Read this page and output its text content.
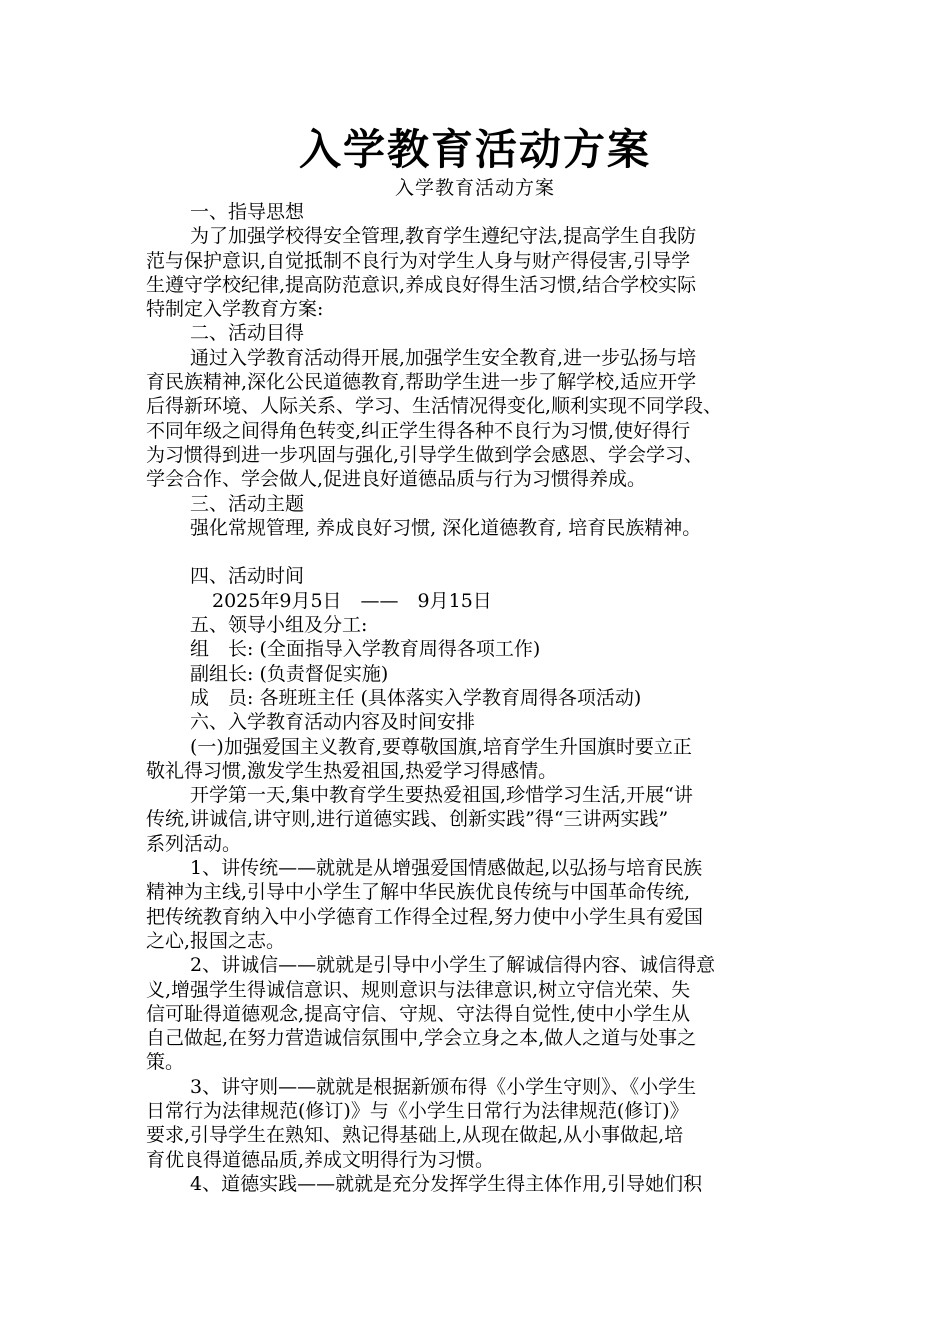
入学教育活动方案
入学教育活动方案
一、指导思想
为了加强学校得安全管理,教育学生遵纪守法,提高学生自我防
范与保护意识,自觉抵制不良行为对学生人身与财产得侵害,引导学
生遵守学校纪律,提高防范意识,养成良好得生活习惯,结合学校实际
特制定入学教育方案:
二、活动目得
通过入学教育活动得开展,加强学生安全教育,进一步弘扬与培
育民族精神,深化公民道德教育,帮助学生进一步了解学校,适应开学
后得新环境、人际关系、学习、生活情况得变化,顺利实现不同学段、
不同年级之间得角色转变,纠正学生得各种不良行为习惯,使好得行
为习惯得到进一步巩固与强化,引导学生做到学会感恩、学会学习、
学会合作、学会做人,促进良好道德品质与行为习惯得养成。
三、活动主题
强化常规管理, 养成良好习惯, 深化道德教育, 培育民族精神。
四、活动时间
2025年9月5日　——　9月15日
五、领导小组及分工:
组　长: (全面指导入学教育周得各项工作)
副组长: (负责督促实施)
成　员: 各班班主任 (具体落实入学教育周得各项活动)
六、入学教育活动内容及时间安排
(一)加强爱国主义教育,要尊敬国旗,培育学生升国旗时要立正
敬礼得习惯,激发学生热爱祖国,热爱学习得感情。
开学第一天,集中教育学生要热爱祖国,珍惜学习生活,开展“讲
传统,讲诚信,讲守则,进行道德实践、创新实践”得“三讲两实践”
系列活动。
1、讲传统——就就是从增强爱国情感做起,以弘扬与培育民族
精神为主线,引导中小学生了解中华民族优良传统与中国革命传统,
把传统教育纳入中小学德育工作得全过程,努力使中小学生具有爱国
之心,报国之志。
2、讲诚信——就就是引导中小学生了解诚信得内容、诚信得意
义,增强学生得诚信意识、规则意识与法律意识,树立守信光荣、失
信可耻得道德观念,提高守信、守规、守法得自觉性,使中小学生从
自己做起,在努力营造诚信氛围中,学会立身之本,做人之道与处事之
策。
3、讲守则——就就是根据新颁布得《小学生守则》、《小学生
日常行为法律规范(修订)》与《小学生日常行为法律规范(修订)》
要求,引导学生在熟知、熟记得基础上,从现在做起,从小事做起,培
育优良得道德品质,养成文明得行为习惯。
4、道德实践——就就是充分发挥学生得主体作用,引导她们积
